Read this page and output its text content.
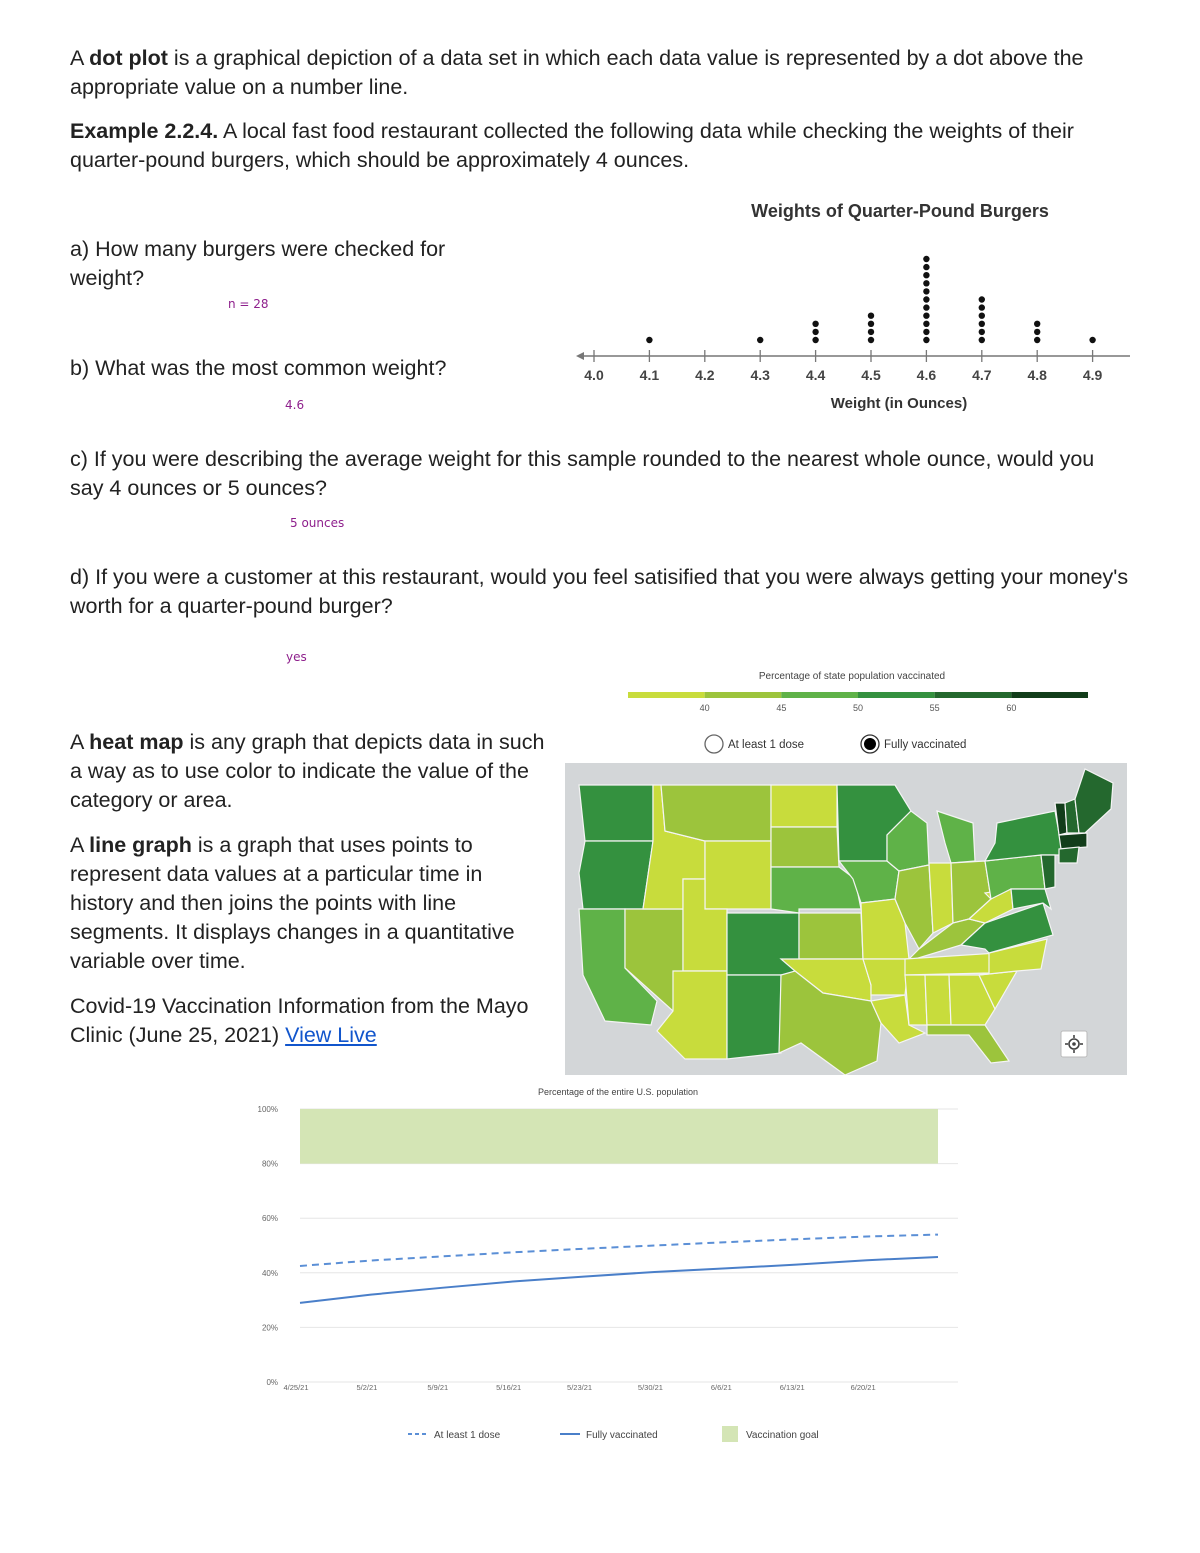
A dot plot is a graphical depiction of a data set in which each data value is represented by a dot above the appropriate value on a number line.
Example 2.2.4. A local fast food restaurant collected the following data while checking the weights of their quarter-pound burgers, which should be approximately 4 ounces.
a) How many burgers were checked for weight?
n = 28
b) What was the most common weight?
4.6
c) If you were describing the average weight for this sample rounded to the nearest whole ounce, would you say 4 ounces or 5 ounces?
5 ounces
d) If you were a customer at this restaurant, would you feel satisified that you were always getting your money's worth for a quarter-pound burger?
yes
Weights of Quarter-Pound Burgers
4.0	4.1	4.2	4.3	4.4	4.5	4.6	4.7	4.8	4.9
Weight (in Ounces)
Percentage of state population vaccinated
40	45	50	55	60
At least 1 dose	Fully vaccinated
A heat map is any graph that depicts data in such a way as to use color to indicate the value of the category or area.
A line graph is a graph that uses points to represent data values at a particular time in history and then joins the points with line segments. It displays changes in a quantitative variable over time.
Covid-19 Vaccination Information from the Mayo Clinic (June 25, 2021) View Live
Percentage of the entire U.S. population
100%
80%
60%
40%
20%
0%
4/25/21	5/2/21	5/9/21	5/16/21	5/23/21	5/30/21	6/6/21	6/13/21	6/20/21
At least 1 dose	Fully vaccinated	Vaccination goal
